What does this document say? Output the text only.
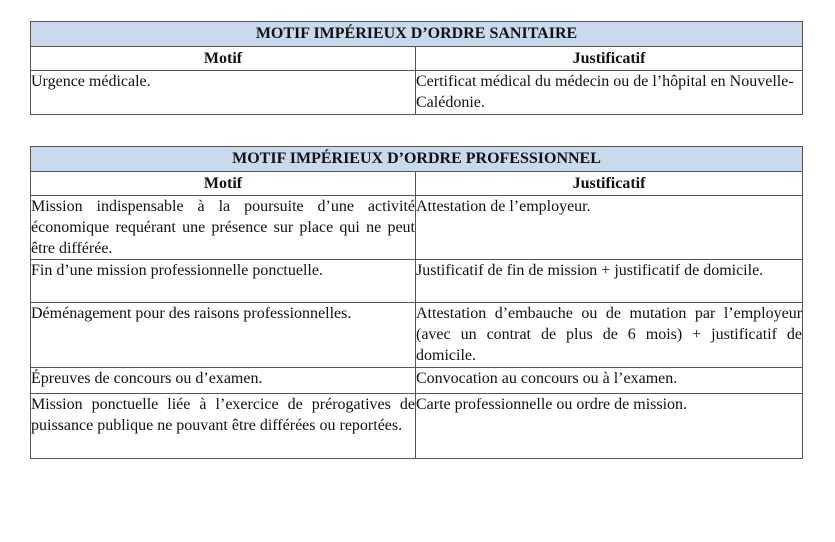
MOTIF IMPÉRIEUX D’ORDRE SANITAIRE	
Motif	Justificatif
Urgence médicale.	Certificat médical du médecin ou de l’hôpital en Nouvelle-Calédonie.
MOTIF IMPÉRIEUX D’ORDRE PROFESSIONNEL	
Motif	Justificatif
Mission indispensable à la poursuite d’une activité économique requérant une présence sur place qui ne peut être différée.	Attestation de l’employeur.
Fin d’une mission professionnelle ponctuelle.	Justificatif de fin de mission + justificatif de domicile.
Déménagement pour des raisons professionnelles.	Attestation d’embauche ou de mutation par l’employeur (avec un contrat de plus de 6 mois) + justificatif de domicile.
Épreuves de concours ou d’examen.	Convocation au concours ou à l’examen.
Mission ponctuelle liée à l’exercice de prérogatives de puissance publique ne pouvant être différées ou reportées.	Carte professionnelle ou ordre de mission.
